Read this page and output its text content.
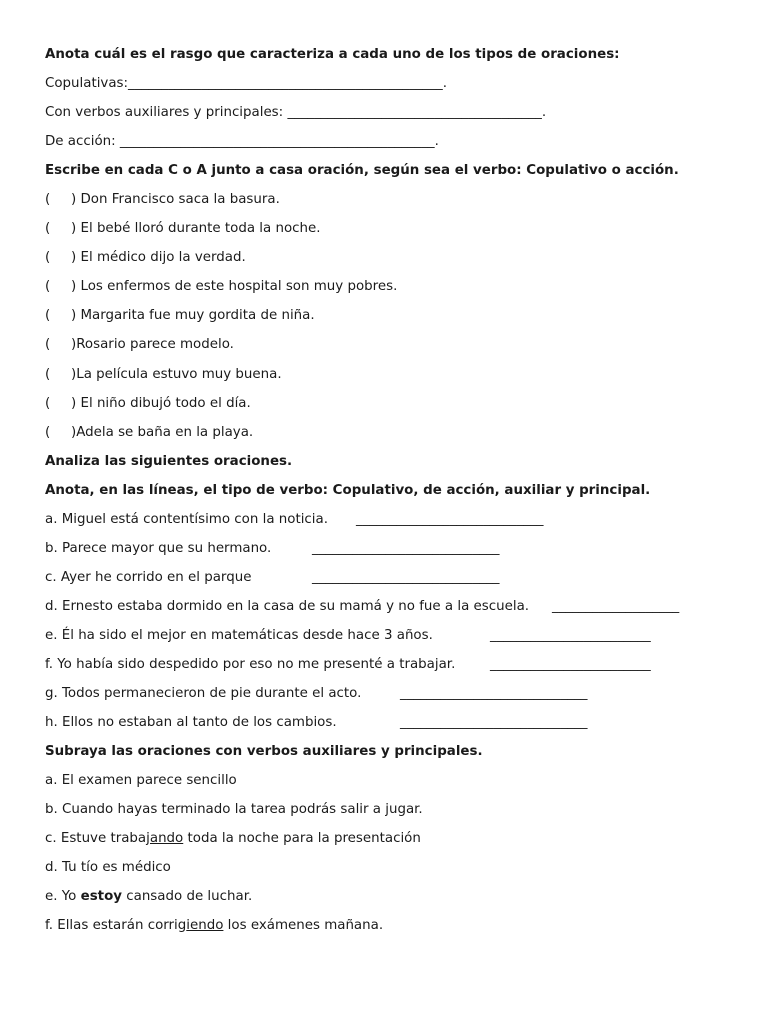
Anota cuál es el rasgo que caracteriza a cada uno de los tipos de oraciones:
Copulativas:_______________________________________________.
Con verbos auxiliares y principales: ______________________________________.
De acción: _______________________________________________.
Escribe en cada C o A junto a casa oración, según sea el verbo: Copulativo o acción.
( ) Don Francisco saca la basura.
( ) El bebé lloró durante toda la noche.
( ) El médico dijo la verdad.
( ) Los enfermos de este hospital son muy pobres.
( ) Margarita fue muy gordita de niña.
( )Rosario parece modelo.
( )La película estuvo muy buena.
( ) El niño dibujó todo el día.
( )Adela se baña en la playa.
Analiza las siguientes oraciones.
Anota, en las líneas, el tipo de verbo: Copulativo, de acción, auxiliar y principal.
a. Miguel está contentísimo con la noticia. ____________________________
b. Parece mayor que su hermano.	____________________________
c. Ayer he corrido en el parque	____________________________
d. Ernesto estaba dormido en la casa de su mamá y no fue a la escuela. ___________________
e. Él ha sido el mejor en matemáticas desde hace 3 años.	________________________
f. Yo había sido despedido por eso no me presenté a trabajar.	________________________
g. Todos permanecieron de pie durante el acto.	____________________________
h. Ellos no estaban al tanto de los cambios.	____________________________
Subraya las oraciones con verbos auxiliares y principales.
a. El examen parece sencillo
b. Cuando hayas terminado la tarea podrás salir a jugar.
c. Estuve trabajando toda la noche para la presentación
d. Tu tío es médico
e. Yo estoy cansado de luchar.
f. Ellas estarán corrigiendo los exámenes mañana.
